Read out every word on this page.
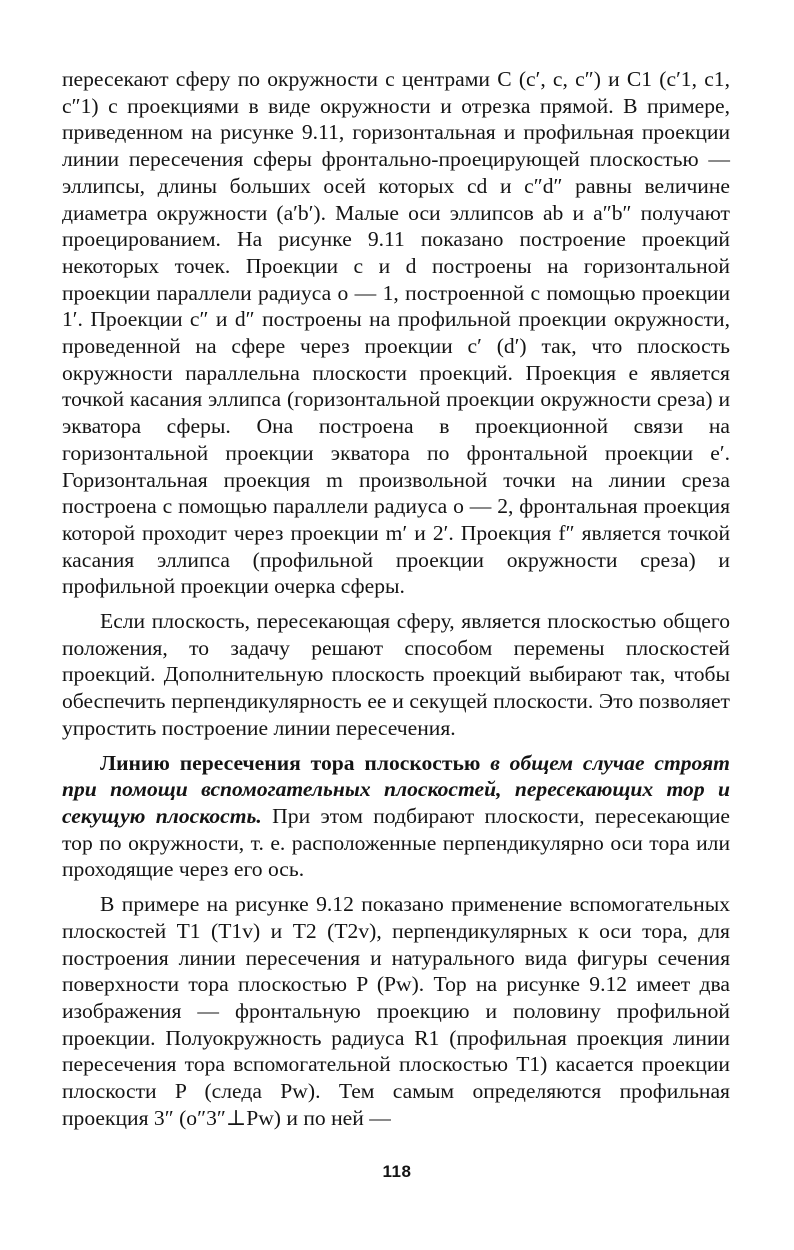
пересекают сферу по окружности с центрами C (c′, c, c″) и C1 (c′1, c1, c″1) с проекциями в виде окружности и отрезка прямой. В примере, приведенном на рисунке 9.11, горизонтальная и профильная проекции линии пересечения сферы фронтально-проецирующей плоскостью — эллипсы, длины больших осей которых cd и c″d″ равны величине диаметра окружности (a′b′). Малые оси эллипсов ab и a″b″ получают проецированием. На рисунке 9.11 показано построение проекций некоторых точек. Проекции c и d построены на горизонтальной проекции параллели радиуса o — 1, построенной с помощью проекции 1′. Проекции c″ и d″ построены на профильной проекции окружности, проведенной на сфере через проекции c′ (d′) так, что плоскость окружности параллельна плоскости проекций. Проекция e является точкой касания эллипса (горизонтальной проекции окружности среза) и экватора сферы. Она построена в проекционной связи на горизонтальной проекции экватора по фронтальной проекции e′. Горизонтальная проекция m произвольной точки на линии среза построена с помощью параллели радиуса o — 2, фронтальная проекция которой проходит через проекции m′ и 2′. Проекция f″ является точкой касания эллипса (профильной проекции окружности среза) и профильной проекции очерка сферы.

Если плоскость, пересекающая сферу, является плоскостью общего положения, то задачу решают способом перемены плоскостей проекций. Дополнительную плоскость проекций выбирают так, чтобы обеспечить перпендикулярность ее и секущей плоскости. Это позволяет упростить построение линии пересечения.

Линию пересечения тора плоскостью в общем случае строят при помощи вспомогательных плоскостей, пересекающих тор и секущую плоскость. При этом подбирают плоскости, пересекающие тор по окружности, т. е. расположенные перпендикулярно оси тора или проходящие через его ось.

В примере на рисунке 9.12 показано применение вспомогательных плоскостей T1 (T1v) и T2 (T2v), перпендикулярных к оси тора, для построения линии пересечения и натурального вида фигуры сечения поверхности тора плоскостью P (Pw). Тор на рисунке 9.12 имеет два изображения — фронтальную проекцию и половину профильной проекции. Полуокружность радиуса R1 (профильная проекция линии пересечения тора вспомогательной плоскостью T1) касается проекции плоскости P (следа Pw). Тем самым определяются профильная проекция 3″ (o″3″⊥Pw) и по ней —

118
